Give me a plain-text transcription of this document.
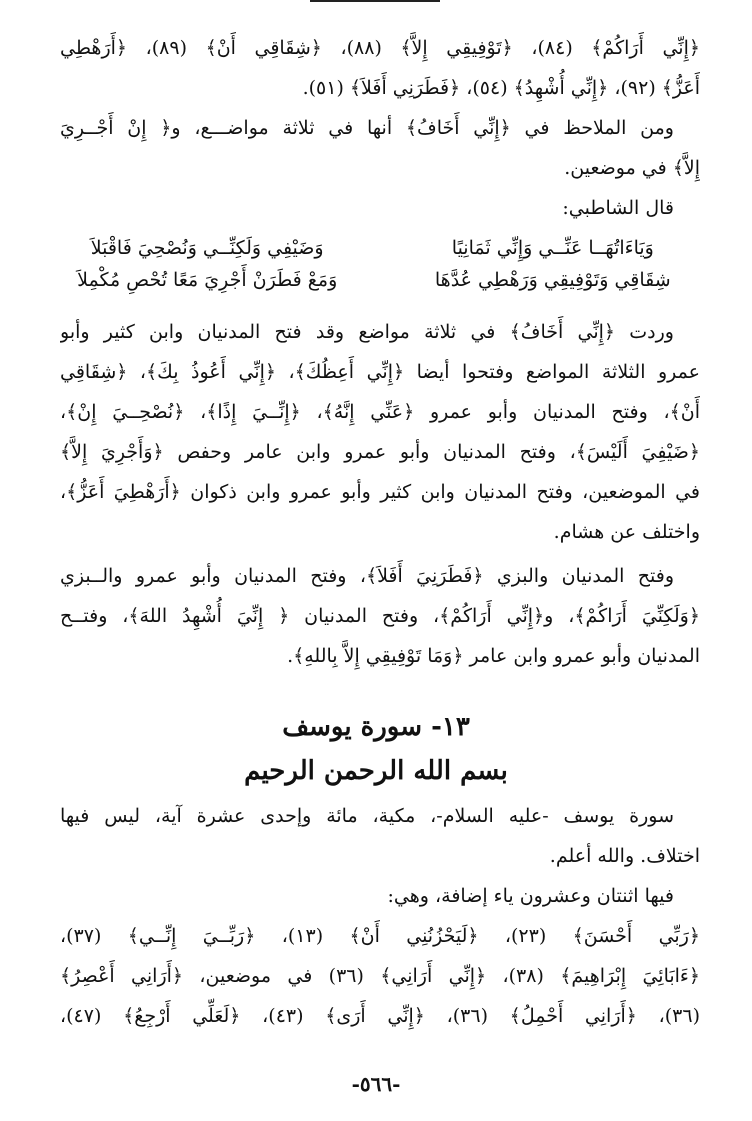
﴿إِنِّي أَرَاكُمْ﴾ (٨٤)، ﴿تَوْفِيقِي إِلاَّ﴾ (٨٨)، ﴿شِقَاقِي أَنْ﴾ (٨٩)، ﴿أَرَهْطِي
أَعَزُّ﴾ (٩٢)، ﴿إِنِّي أُشْهِدُ﴾ (٥٤)، ﴿فَطَرَنِي أَفَلاَ﴾ (٥١).
ومن الملاحظ في ﴿إِنِّي أَخَافُ﴾ أنها في ثلاثة مواضـــع، و﴿ إِنْ أَجْــرِيَ
إِلاَّ﴾ في موضعين.
قال الشاطبي:
وَيَاءَاتُهَــا عَنِّــي وَإِنِّي ثَمَانِيًا
وَضَيْفِي وَلَكِنِّــي وَنُصْحِيَ فَاقْبَلاَ
شِقَاقِي وَتَوْفِيقِي وَرَهْطِي عُدَّهَا
وَمَعْ فَطَرَنْ أَجْرِيَ مَعًا تُحْصِ مُكْمِلاَ
وردت ﴿إِنِّي أَخَافُ﴾ في ثلاثة مواضع وقد فتح المدنيان وابن كثير وأبو
عمرو الثلاثة المواضع وفتحوا أيضا ﴿إِنِّي أَعِظُكَ﴾، ﴿إِنِّي أَعُوذُ بِكَ﴾، ﴿شِقَاقِي
أَنْ﴾، وفتح المدنيان وأبو عمرو ﴿عَنِّي إِنَّهُ﴾، ﴿إِنِّــيَ إِذًا﴾، ﴿نُصْحِــيَ إِنْ﴾،
﴿ضَيْفِيَ أَلَيْسَ﴾، وفتح المدنيان وأبو عمرو وابن عامر وحفص ﴿وَأَجْرِيَ إِلاَّ﴾
في الموضعين، وفتح المدنيان وابن كثير وأبو عمرو وابن ذكوان ﴿أَرَهْطِيَ أَعَزُّ﴾،
واختلف عن هشام.
وفتح المدنيان والبزي ﴿فَطَرَنِيَ أَفَلاَ﴾، وفتح المدنيان وأبو عمرو والــبزي
﴿وَلَكِنِّيَ أَرَاكُمْ﴾، و﴿إِنِّي أَرَاكُمْ﴾، وفتح المدنيان ﴿ إِنِّيَ أُشْهِدُ اللهَ﴾، وفتــح
المدنيان وأبو عمرو وابن عامر ﴿وَمَا تَوْفِيقِي إِلاَّ بِاللهِ﴾.
١٣- سورة يوسف
بسم الله الرحمن الرحيم
سورة يوسف -عليه السلام-، مكية، مائة وإحدى عشرة آية، ليس فيها
اختلاف. والله أعلم.
فيها اثنتان وعشرون ياء إضافة، وهي:
﴿رَبِّي أَحْسَنَ﴾ (٢٣)، ﴿لَيَحْزُنُنِي أَنْ﴾ (١٣)، ﴿رَبِّــيَ إِنِّــي﴾ (٣٧)،
﴿ءَابَائِيَ إِبْرَاهِيمَ﴾ (٣٨)، ﴿إِنِّي أَرَانِي﴾ (٣٦) في موضعين، ﴿أَرَانِي أَعْصِرُ﴾
(٣٦)، ﴿أَرَانِي أَحْمِلُ﴾ (٣٦)، ﴿إِنِّي أَرَى﴾ (٤٣)، ﴿لَعَلِّي أَرْجِعُ﴾ (٤٧)،
-٥٦٦-
